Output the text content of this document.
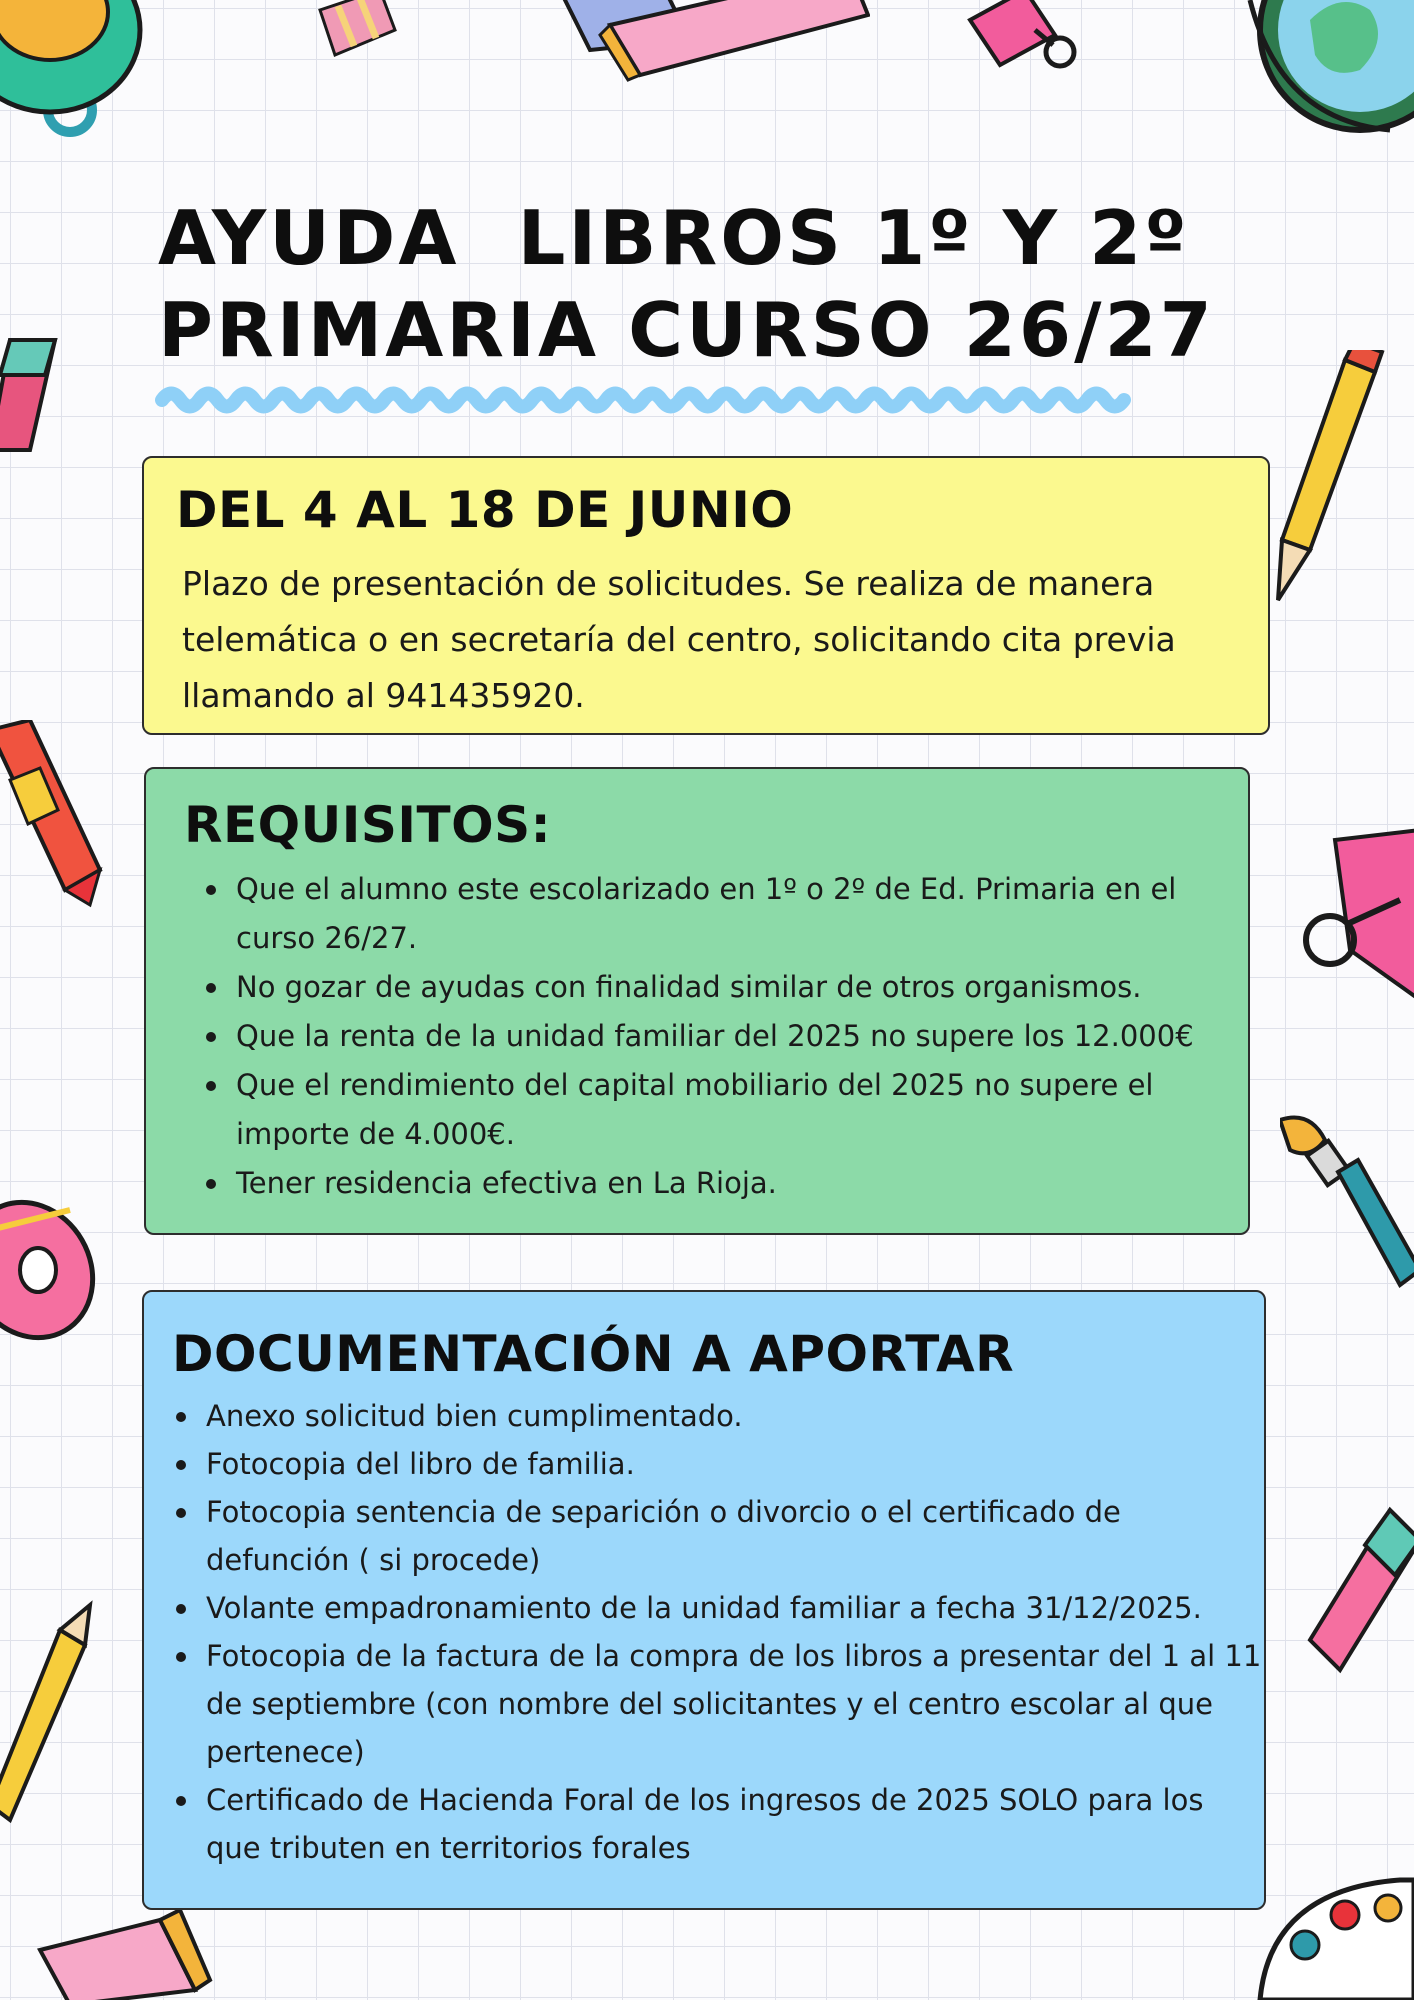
AYUDA  LIBROS 1º Y 2º
PRIMARIA CURSO 26/27
DEL 4 AL 18 DE JUNIO

Plazo de presentación de solicitudes. Se realiza de manera telemática o en secretaría del centro, solicitando cita previa llamando al 941435920.

REQUISITOS:
Que el alumno este escolarizado en 1º o 2º de Ed. Primaria en el curso 26/27.
No gozar de ayudas con finalidad similar de otros organismos.
Que la renta de la unidad familiar del 2025 no supere los 12.000€
Que el rendimiento del capital mobiliario del 2025 no supere el importe de 4.000€.
Tener residencia efectiva en La Rioja.
DOCUMENTACIÓN A APORTAR
Anexo solicitud bien cumplimentado.
Fotocopia del libro de familia.
Fotocopia sentencia de separición o divorcio o el certificado de defunción ( si procede)
Volante empadronamiento de la unidad familiar a fecha 31/12/2025.
Fotocopia de la factura de la compra de los libros a presentar del 1 al 11 de septiembre (con nombre del solicitantes y el centro escolar al que pertenece)
Certificado de Hacienda Foral de los ingresos de 2025 SOLO para los que tributen en territorios forales
